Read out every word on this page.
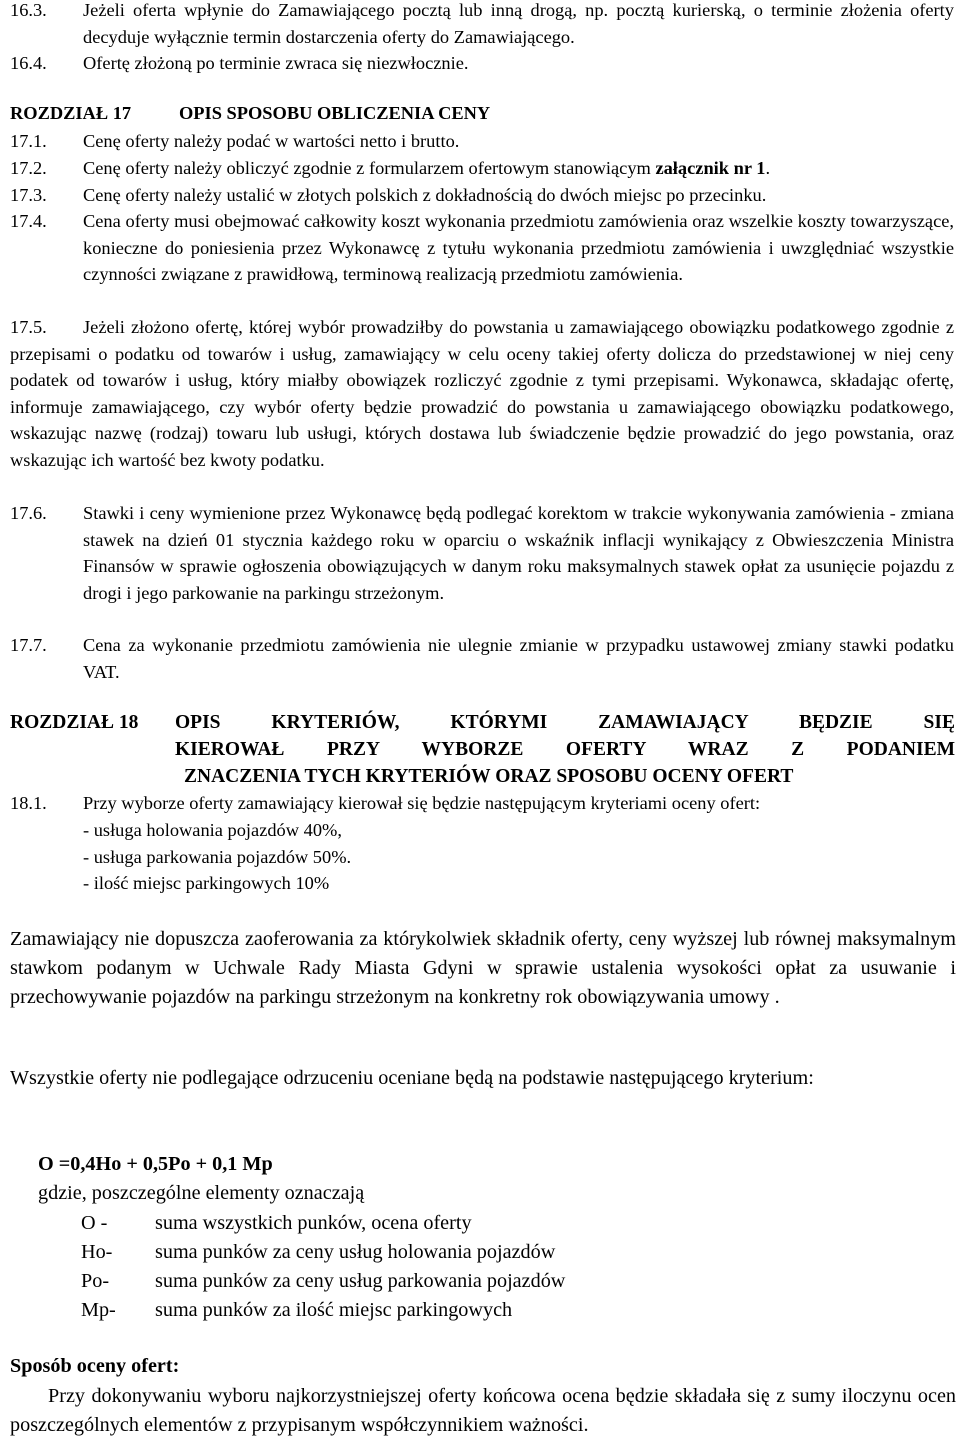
16.3. Jeżeli oferta wpłynie do Zamawiającego pocztą lub inną drogą, np. pocztą kurierską, o terminie złożenia oferty decyduje wyłącznie termin dostarczenia oferty do Zamawiającego.
16.4. Ofertę złożoną po terminie zwraca się niezwłocznie.
ROZDZIAŁ 17	OPIS SPOSOBU OBLICZENIA CENY
17.1. Cenę oferty należy podać w wartości netto i brutto.
17.2. Cenę oferty należy obliczyć zgodnie z formularzem ofertowym stanowiącym załącznik nr 1.
17.3. Cenę oferty należy ustalić w złotych polskich z dokładnością do dwóch miejsc po przecinku.
17.4. Cena oferty musi obejmować całkowity koszt wykonania przedmiotu zamówienia oraz wszelkie koszty towarzyszące, konieczne do poniesienia przez Wykonawcę z tytułu wykonania przedmiotu zamówienia i uwzględniać wszystkie czynności związane z prawidłową, terminową realizacją przedmiotu zamówienia.
17.5. Jeżeli złożono ofertę, której wybór prowadziłby do powstania u zamawiającego obowiązku podatkowego zgodnie z przepisami o podatku od towarów i usług, zamawiający w celu oceny takiej oferty dolicza do przedstawionej w niej ceny podatek od towarów i usług, który miałby obowiązek rozliczyć zgodnie z tymi przepisami. Wykonawca, składając ofertę, informuje zamawiającego, czy wybór oferty będzie prowadzić do powstania u zamawiającego obowiązku podatkowego, wskazując nazwę (rodzaj) towaru lub usługi, których dostawa lub świadczenie będzie prowadzić do jego powstania, oraz wskazując ich wartość bez kwoty podatku.
17.6. Stawki i ceny wymienione przez Wykonawcę będą podlegać korektom w trakcie wykonywania zamówienia - zmiana stawek na dzień 01 stycznia każdego roku w oparciu o wskaźnik inflacji wynikający z Obwieszczenia Ministra Finansów w sprawie ogłoszenia obowiązujących w danym roku maksymalnych stawek opłat za usunięcie pojazdu z drogi i jego parkowanie na parkingu strzeżonym.
17.7. Cena za wykonanie przedmiotu zamówienia nie ulegnie zmianie w przypadku ustawowej zmiany stawki podatku VAT.
ROZDZIAŁ 18 OPIS KRYTERIÓW, KTÓRYMI ZAMAWIAJĄCY BĘDZIE SIĘ
KIEROWAŁ PRZY WYBORZE OFERTY WRAZ Z PODANIEM
ZNACZENIA TYCH KRYTERIÓW ORAZ SPOSOBU OCENY OFERT
18.1. Przy wyborze oferty zamawiający kierował się będzie następującym kryteriami oceny ofert:
- usługa holowania pojazdów 40%,
- usługa parkowania pojazdów 50%.
- ilość miejsc parkingowych 10%
Zamawiający nie dopuszcza zaoferowania za którykolwiek składnik oferty, ceny wyższej lub równej maksymalnym stawkom podanym w Uchwale Rady Miasta Gdyni w sprawie ustalenia wysokości opłat za usuwanie i przechowywanie pojazdów na parkingu strzeżonym na konkretny rok obowiązywania umowy .
Wszystkie oferty nie podlegające odrzuceniu oceniane będą na podstawie następującego kryterium:
O =0,4Ho + 0,5Po + 0,1 Mp
gdzie, poszczególne elementy oznaczają
O - suma wszystkich punków, ocena oferty
Ho- suma punków za ceny usług holowania pojazdów
Po- suma punków za ceny usług parkowania pojazdów
Mp- suma punków za ilość miejsc parkingowych
Sposób oceny ofert:
Przy dokonywaniu wyboru najkorzystniejszej oferty końcowa ocena będzie składała się z sumy iloczynu ocen poszczególnych elementów z przypisanym współczynnikiem ważności.
